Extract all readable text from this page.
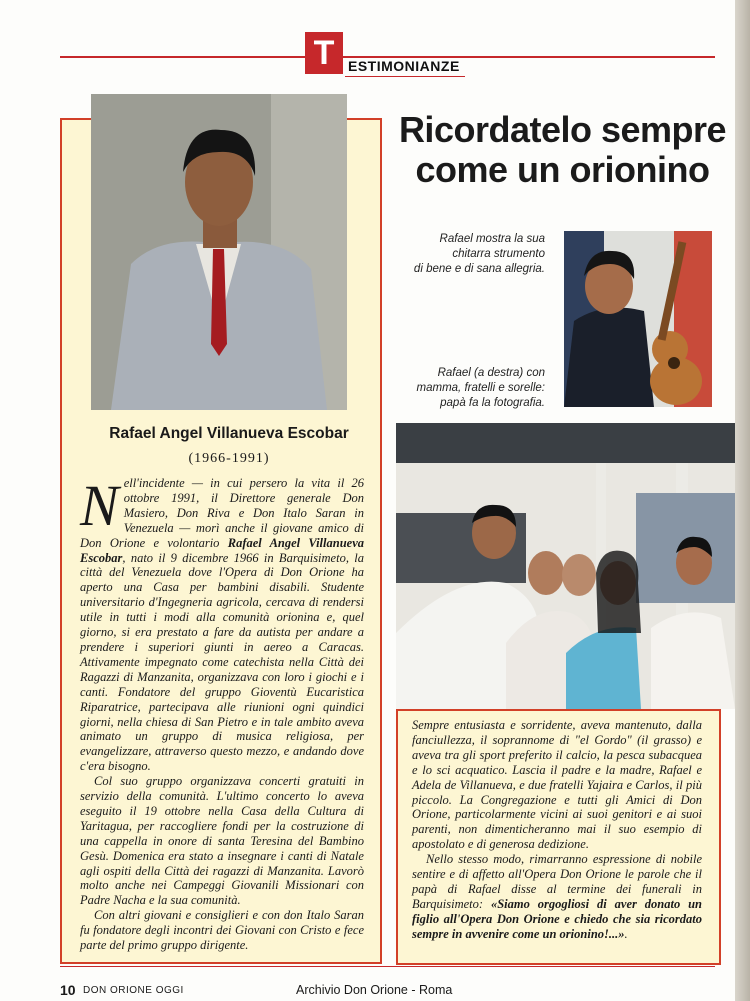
T ESTIMONIANZE
Rafael Angel Villanueva Escobar
(1966-1991)

Nell'incidente — in cui persero la vita il 26 ottobre 1991, il Direttore generale Don Masiero, Don Riva e Don Italo Saran in Venezuela — morì anche il giovane amico di Don Orione e volontario Rafael Angel Villanueva Escobar, nato il 9 dicembre 1966 in Barquisimeto, la città del Venezuela dove l'Opera di Don Orione ha aperto una Casa per bambini disabili. Studente universitario d'Ingegneria agricola, cercava di rendersi utile in tutti i modi alla comunità orionina e, quel giorno, si era prestato a fare da autista per andare a prendere i superiori giunti in aereo a Caracas. Attivamente impegnato come catechista nella Città dei Ragazzi di Manzanita, organizzava con loro i giochi e i canti. Fondatore del gruppo Gioventù Eucaristica Riparatrice, partecipava alle riunioni ogni quindici giorni, nella chiesa di San Pietro e in tale ambito aveva animato un gruppo di musica religiosa, per evangelizzare, attraverso questo mezzo, e andando dove c'era bisogno.

Col suo gruppo organizzava concerti gratuiti in servizio della comunità. L'ultimo concerto lo aveva eseguito il 19 ottobre nella Casa della Cultura di Yaritagua, per raccogliere fondi per la costruzione di una cappella in onore di santa Teresina del Bambino Gesù. Domenica era stato a insegnare i canti di Natale agli ospiti della Città dei ragazzi di Manzanita. Lavorò molto anche nei Campeggi Giovanili Missionari con Padre Nacha e la sua comunità.

Con altri giovani e consiglieri e con don Italo Saran fu fondatore degli incontri dei Giovani con Cristo e fece parte del primo gruppo dirigente.

Ricordatelo sempre
come un orionino
Rafael mostra la sua
chitarra strumento
di bene e di sana allegria.
Rafael (a destra) con
mamma, fratelli e sorelle:
papà fa la fotografia.

Sempre entusiasta e sorridente, aveva mantenuto, dalla fanciullezza, il soprannome di "el Gordo" (il grasso) e aveva tra gli sport preferito il calcio, la pesca subacquea e lo sci acquatico. Lascia il padre e la madre, Rafael e Adela de Villanueva, e due fratelli Yajaira e Carlos, il più piccolo. La Congregazione e tutti gli Amici di Don Orione, particolarmente vicini ai suoi genitori e ai suoi parenti, non dimenticheranno mai il suo esempio di apostolato e di generosa dedizione.

Nello stesso modo, rimarranno espressione di nobile sentire e di affetto all'Opera Don Orione le parole che il papà di Rafael disse al termine dei funerali in Barquisimeto: «Siamo orgogliosi di aver donato un figlio all'Opera Don Orione e chiedo che sia ricordato sempre in avvenire come un orionino!...».

10 DON ORIONE OGGI	Archivio Don Orione - Roma
